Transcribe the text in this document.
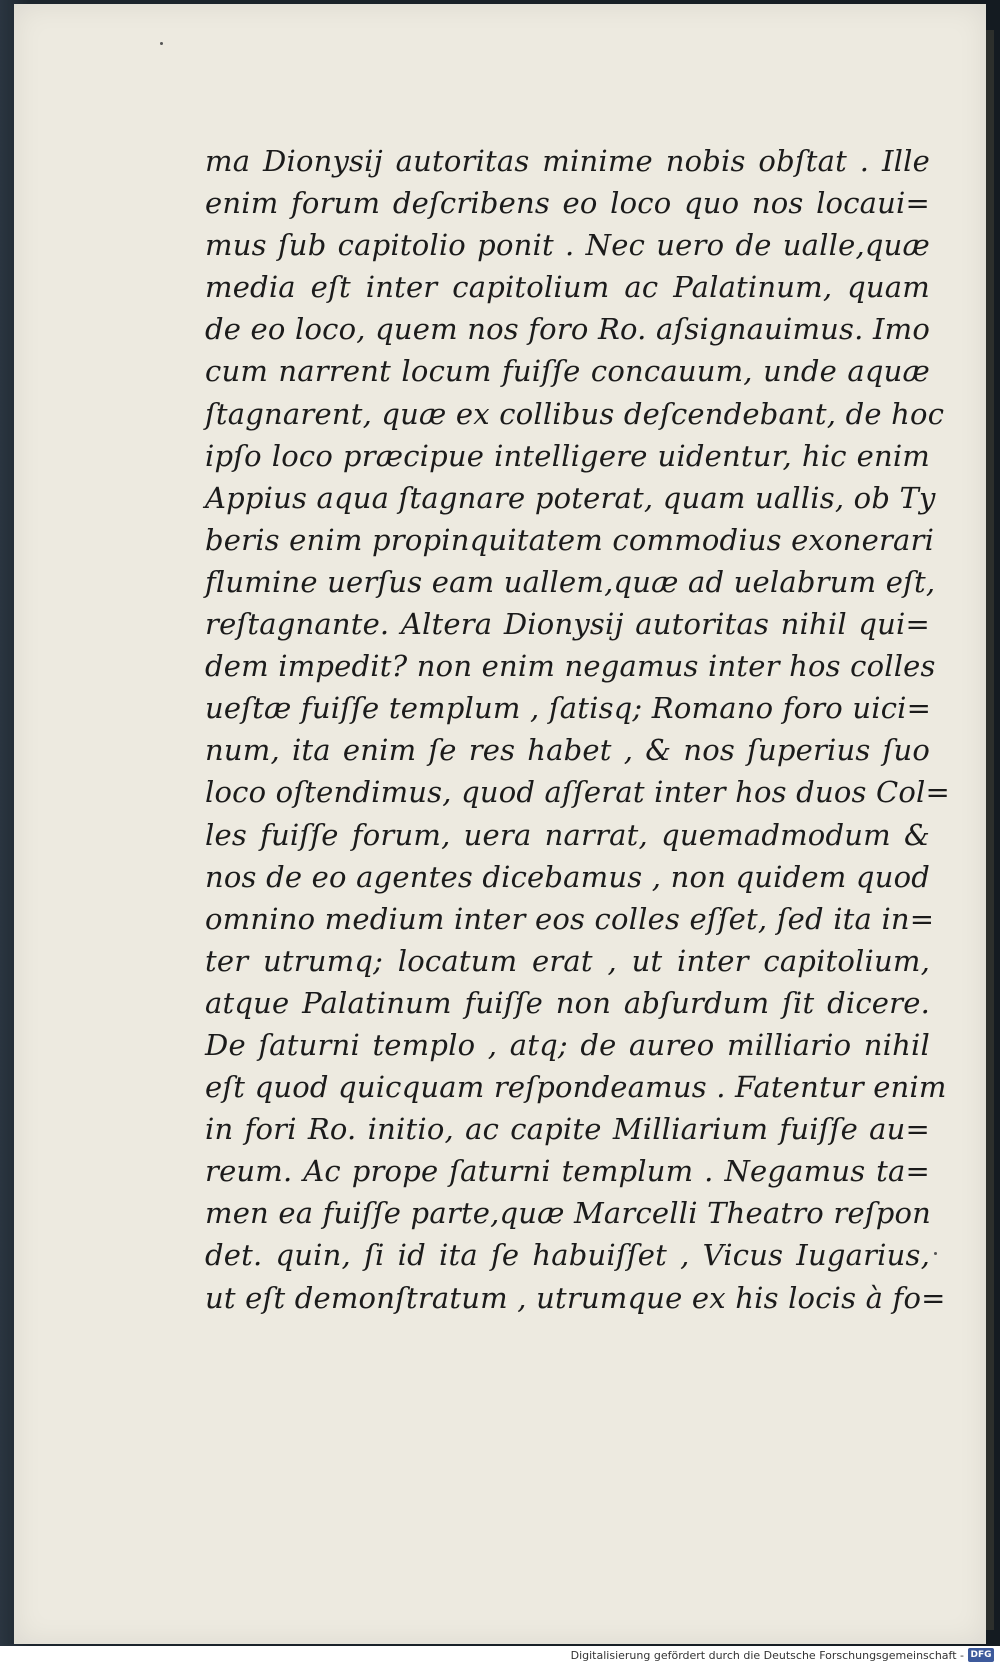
ma Dionysij autoritas minime nobis obſtat . Ille
enim forum deſcribens eo loco quo nos locaui=
mus ſub capitolio ponit . Nec uero de ualle,quæ
media eſt inter capitolium ac Palatinum, quam
de eo loco, quem nos foro Ro. aſsignauimus. Imo
cum narrent locum fuiſſe concauum, unde aquæ
ſtagnarent, quæ ex collibus deſcendebant, de hoc
ipſo loco præcipue intelligere uidentur, hic enim
Appius aqua ſtagnare poterat, quam uallis, ob Ty
beris enim propinquitatem commodius exonerari
flumine uerſus eam uallem,quæ ad uelabrum eſt,
reſtagnante. Altera Dionysij autoritas nihil qui=
dem impedit? non enim negamus inter hos colles
ueſtæ fuiſſe templum , ſatisq; Romano foro uici=
num, ita enim ſe res habet , & nos ſuperius ſuo
loco oſtendimus, quod aſſerat inter hos duos Col=
les fuiſſe forum, uera narrat, quemadmodum &
nos de eo agentes dicebamus , non quidem quod
omnino medium inter eos colles eſſet, ſed ita in=
ter utrumq; locatum erat , ut inter capitolium,
atque Palatinum fuiſſe non abſurdum ſit dicere.
De ſaturni templo , atq; de aureo milliario nihil
eſt quod quicquam reſpondeamus . Fatentur enim
in fori Ro. initio, ac capite Milliarium fuiſſe au=
reum. Ac prope ſaturni templum . Negamus ta=
men ea fuiſſe parte,quæ Marcelli Theatro reſpon
det. quin, ſi id ita ſe habuiſſet , Vicus Iugarius,
ut eſt demonſtratum , utrumque ex his locis à fo=
Digitalisierung gefördert durch die Deutsche Forschungsgemeinschaft - DFG
